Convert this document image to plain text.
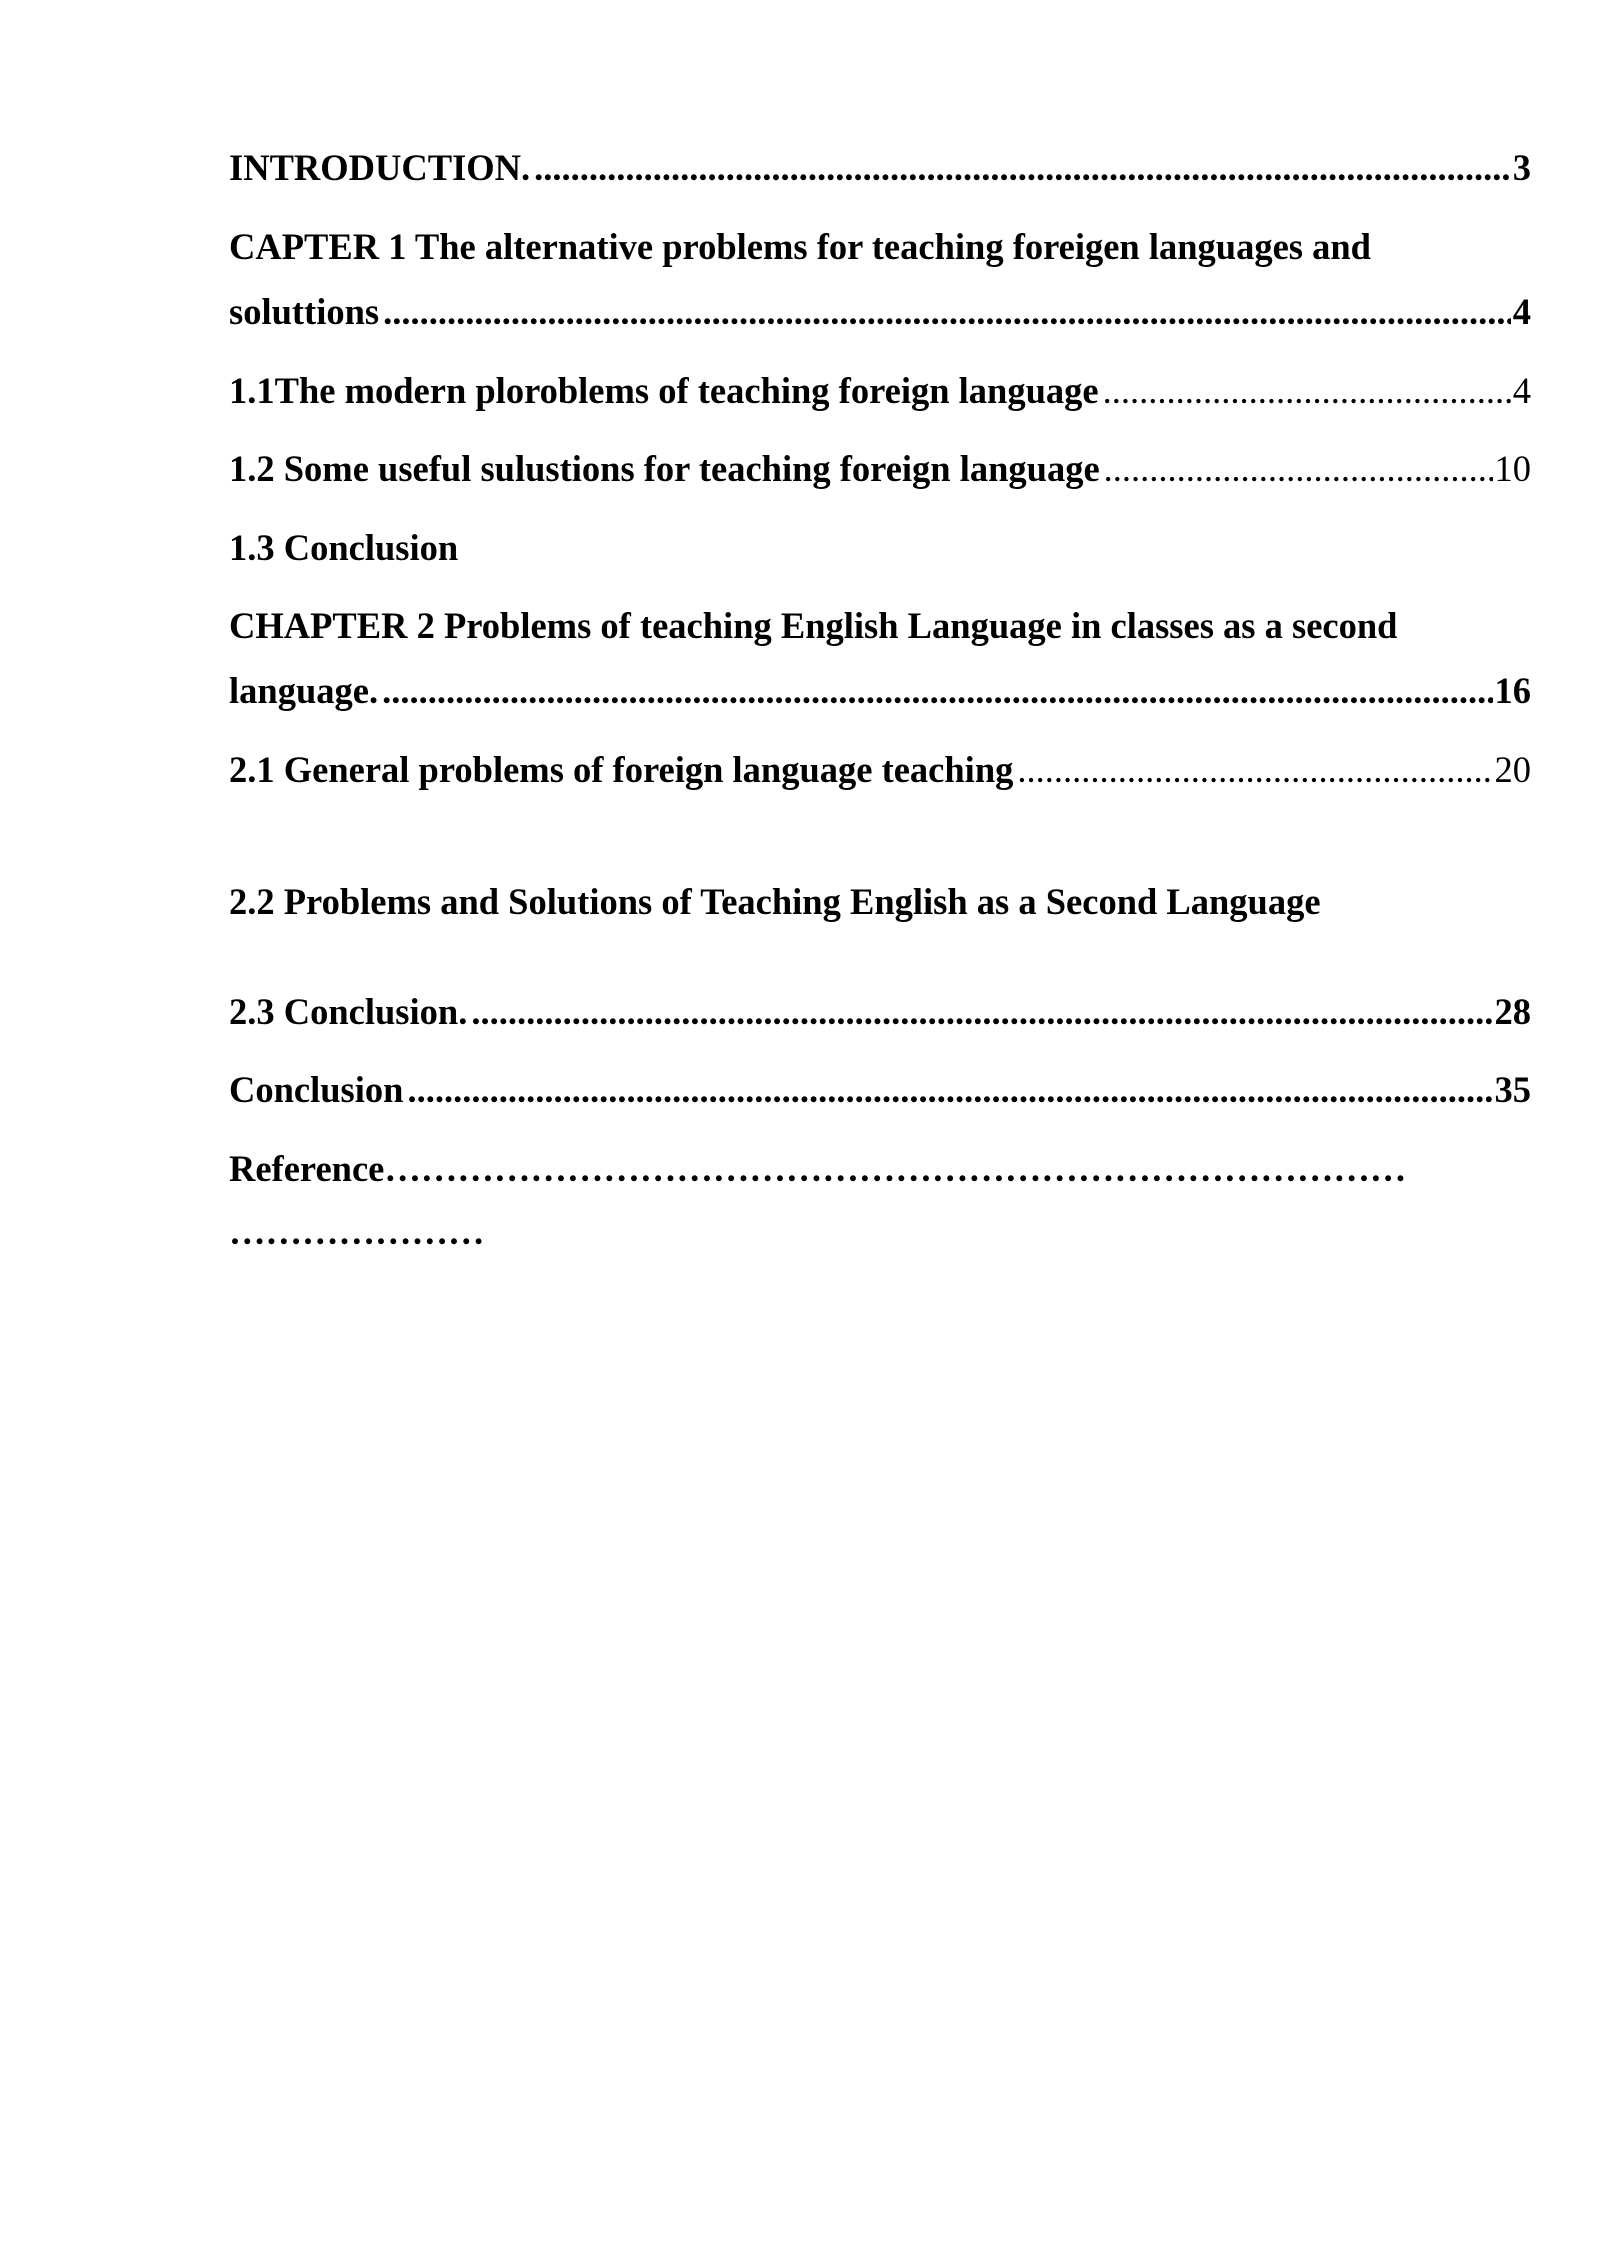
INTRODUCTION. .....	3
CAPTER 1 The alternative problems for teaching foreigen languages and
soluttions .....	4
1.1The modern ploroblems of teaching foreign language .....	4
1.2 Some useful sulustions for teaching foreign language .....	10
1.3 Conclusion
CHAPTER 2 Problems of teaching English Language in classes as a second
language. .....	16
2.1 General problems of foreign language teaching .....	20
2.2 Problems and Solutions of Teaching English as a Second Language
2.3 Conclusion. .....	28
Conclusion .....	35
Reference…………………………………………………………………………
…………………
